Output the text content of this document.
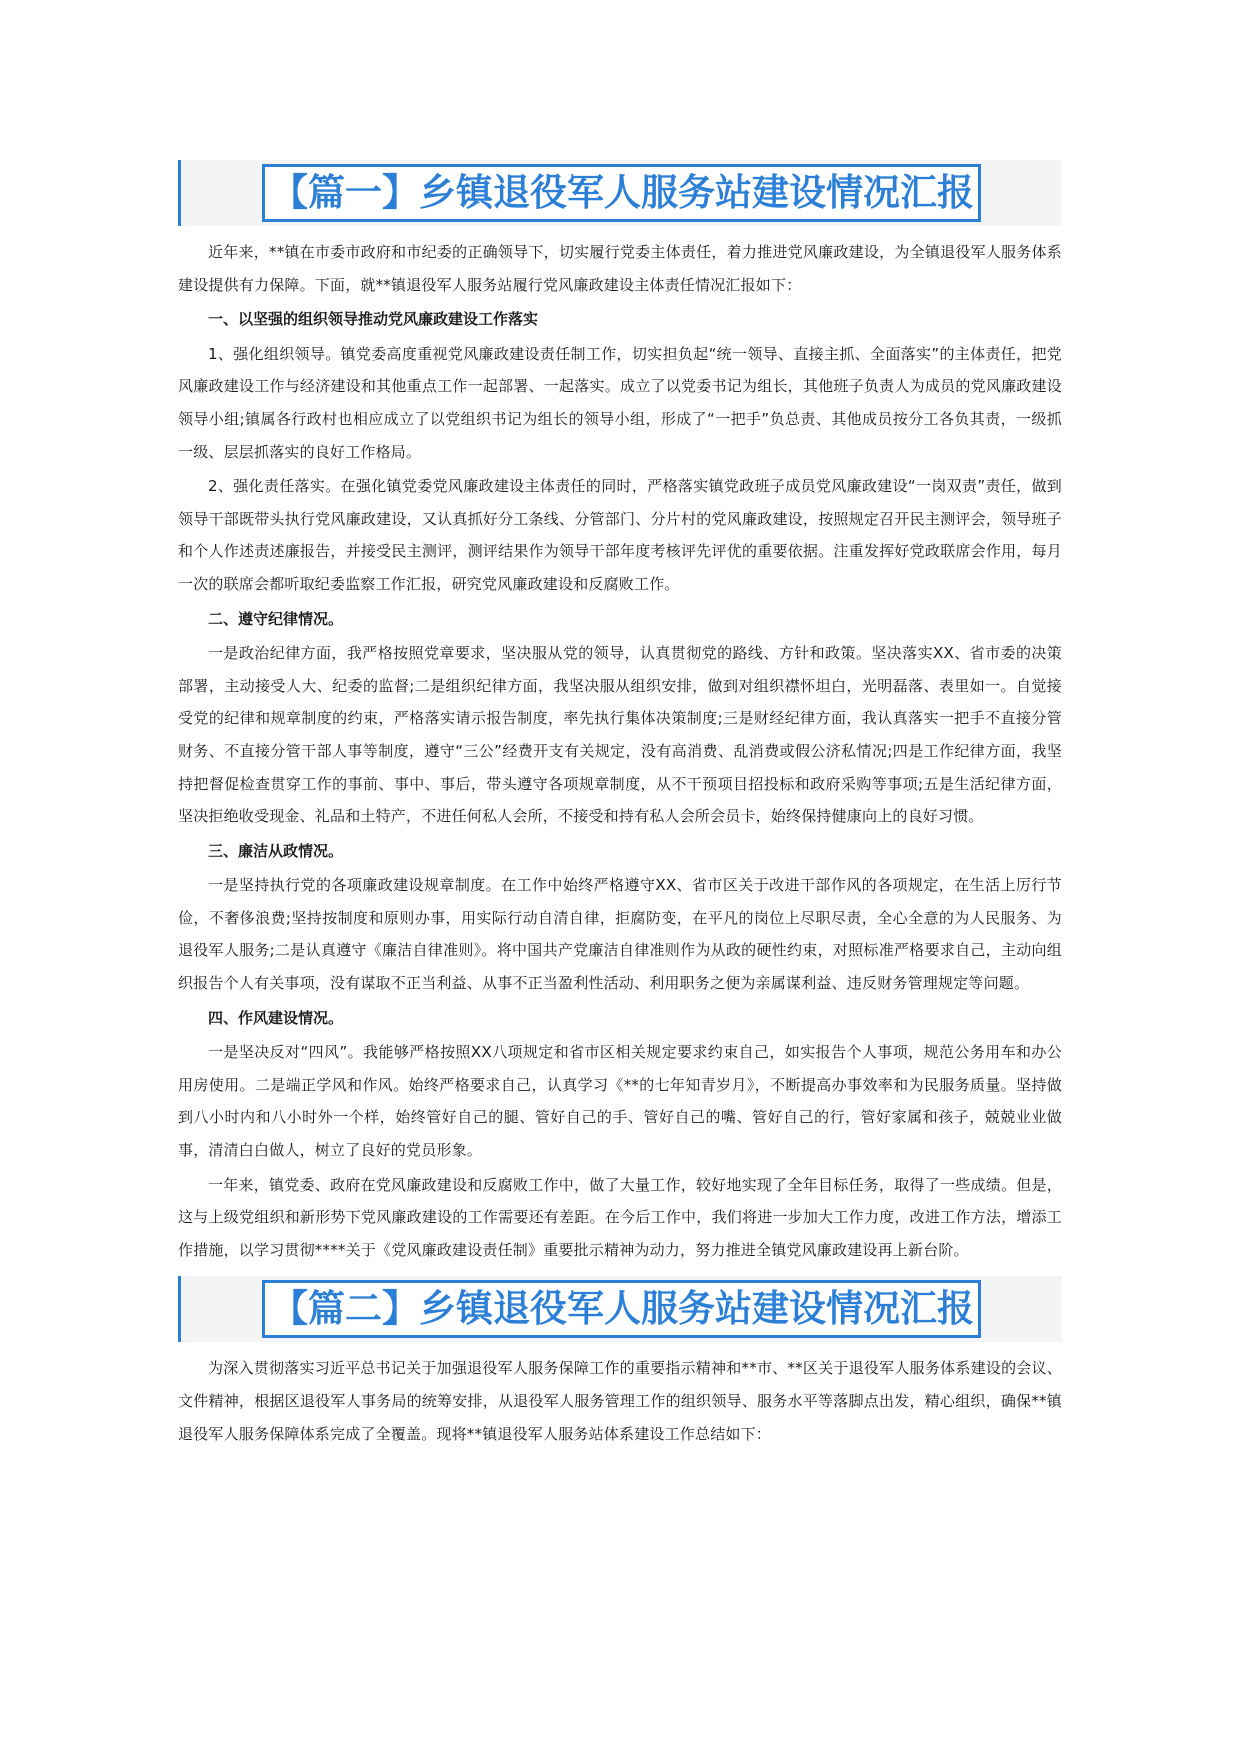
【篇一】乡镇退役军人服务站建设情况汇报

近年来，**镇在市委市政府和市纪委的正确领导下，切实履行党委主体责任，着力推进党风廉政建设，为全镇退役军人服务体系建设提供有力保障。下面，就**镇退役军人服务站履行党风廉政建设主体责任情况汇报如下：

一、以坚强的组织领导推动党风廉政建设工作落实

1、强化组织领导。镇党委高度重视党风廉政建设责任制工作，切实担负起“统一领导、直接主抓、全面落实”的主体责任，把党风廉政建设工作与经济建设和其他重点工作一起部署、一起落实。成立了以党委书记为组长，其他班子负责人为成员的党风廉政建设领导小组;镇属各行政村也相应成立了以党组织书记为组长的领导小组，形成了“一把手”负总责、其他成员按分工各负其责，一级抓一级、层层抓落实的良好工作格局。

2、强化责任落实。在强化镇党委党风廉政建设主体责任的同时，严格落实镇党政班子成员党风廉政建设“一岗双责”责任，做到领导干部既带头执行党风廉政建设，又认真抓好分工条线、分管部门、分片村的党风廉政建设，按照规定召开民主测评会，领导班子和个人作述责述廉报告，并接受民主测评，测评结果作为领导干部年度考核评先评优的重要依据。注重发挥好党政联席会作用，每月一次的联席会都听取纪委监察工作汇报，研究党风廉政建设和反腐败工作。

二、遵守纪律情况。

一是政治纪律方面，我严格按照党章要求，坚决服从党的领导，认真贯彻党的路线、方针和政策。坚决落实XX、省市委的决策部署，主动接受人大、纪委的监督;二是组织纪律方面，我坚决服从组织安排，做到对组织襟怀坦白，光明磊落、表里如一。自觉接受党的纪律和规章制度的约束，严格落实请示报告制度，率先执行集体决策制度;三是财经纪律方面，我认真落实一把手不直接分管财务、不直接分管干部人事等制度，遵守“三公”经费开支有关规定，没有高消费、乱消费或假公济私情况;四是工作纪律方面，我坚持把督促检查贯穿工作的事前、事中、事后，带头遵守各项规章制度，从不干预项目招投标和政府采购等事项;五是生活纪律方面，坚决拒绝收受现金、礼品和土特产，不进任何私人会所，不接受和持有私人会所会员卡，始终保持健康向上的良好习惯。

三、廉洁从政情况。

一是坚持执行党的各项廉政建设规章制度。在工作中始终严格遵守XX、省市区关于改进干部作风的各项规定，在生活上厉行节俭，不奢侈浪费;坚持按制度和原则办事，用实际行动自清自律，拒腐防变，在平凡的岗位上尽职尽责，全心全意的为人民服务、为退役军人服务;二是认真遵守《廉洁自律准则》。将中国共产党廉洁自律准则作为从政的硬性约束，对照标准严格要求自己，主动向组织报告个人有关事项，没有谋取不正当利益、从事不正当盈利性活动、利用职务之便为亲属谋利益、违反财务管理规定等问题。

四、作风建设情况。

一是坚决反对“四风”。我能够严格按照XX八项规定和省市区相关规定要求约束自己，如实报告个人事项，规范公务用车和办公用房使用。二是端正学风和作风。始终严格要求自己，认真学习《**的七年知青岁月》，不断提高办事效率和为民服务质量。坚持做到八小时内和八小时外一个样，始终管好自己的腿、管好自己的手、管好自己的嘴、管好自己的行，管好家属和孩子，兢兢业业做事，清清白白做人，树立了良好的党员形象。

一年来，镇党委、政府在党风廉政建设和反腐败工作中，做了大量工作，较好地实现了全年目标任务，取得了一些成绩。但是，这与上级党组织和新形势下党风廉政建设的工作需要还有差距。在今后工作中，我们将进一步加大工作力度，改进工作方法，增添工作措施，以学习贯彻****关于《党风廉政建设责任制》重要批示精神为动力，努力推进全镇党风廉政建设再上新台阶。

【篇二】乡镇退役军人服务站建设情况汇报

为深入贯彻落实习近平总书记关于加强退役军人服务保障工作的重要指示精神和**市、**区关于退役军人服务体系建设的会议、文件精神，根据区退役军人事务局的统筹安排，从退役军人服务管理工作的组织领导、服务水平等落脚点出发，精心组织，确保**镇退役军人服务保障体系完成了全覆盖。现将**镇退役军人服务站体系建设工作总结如下：
